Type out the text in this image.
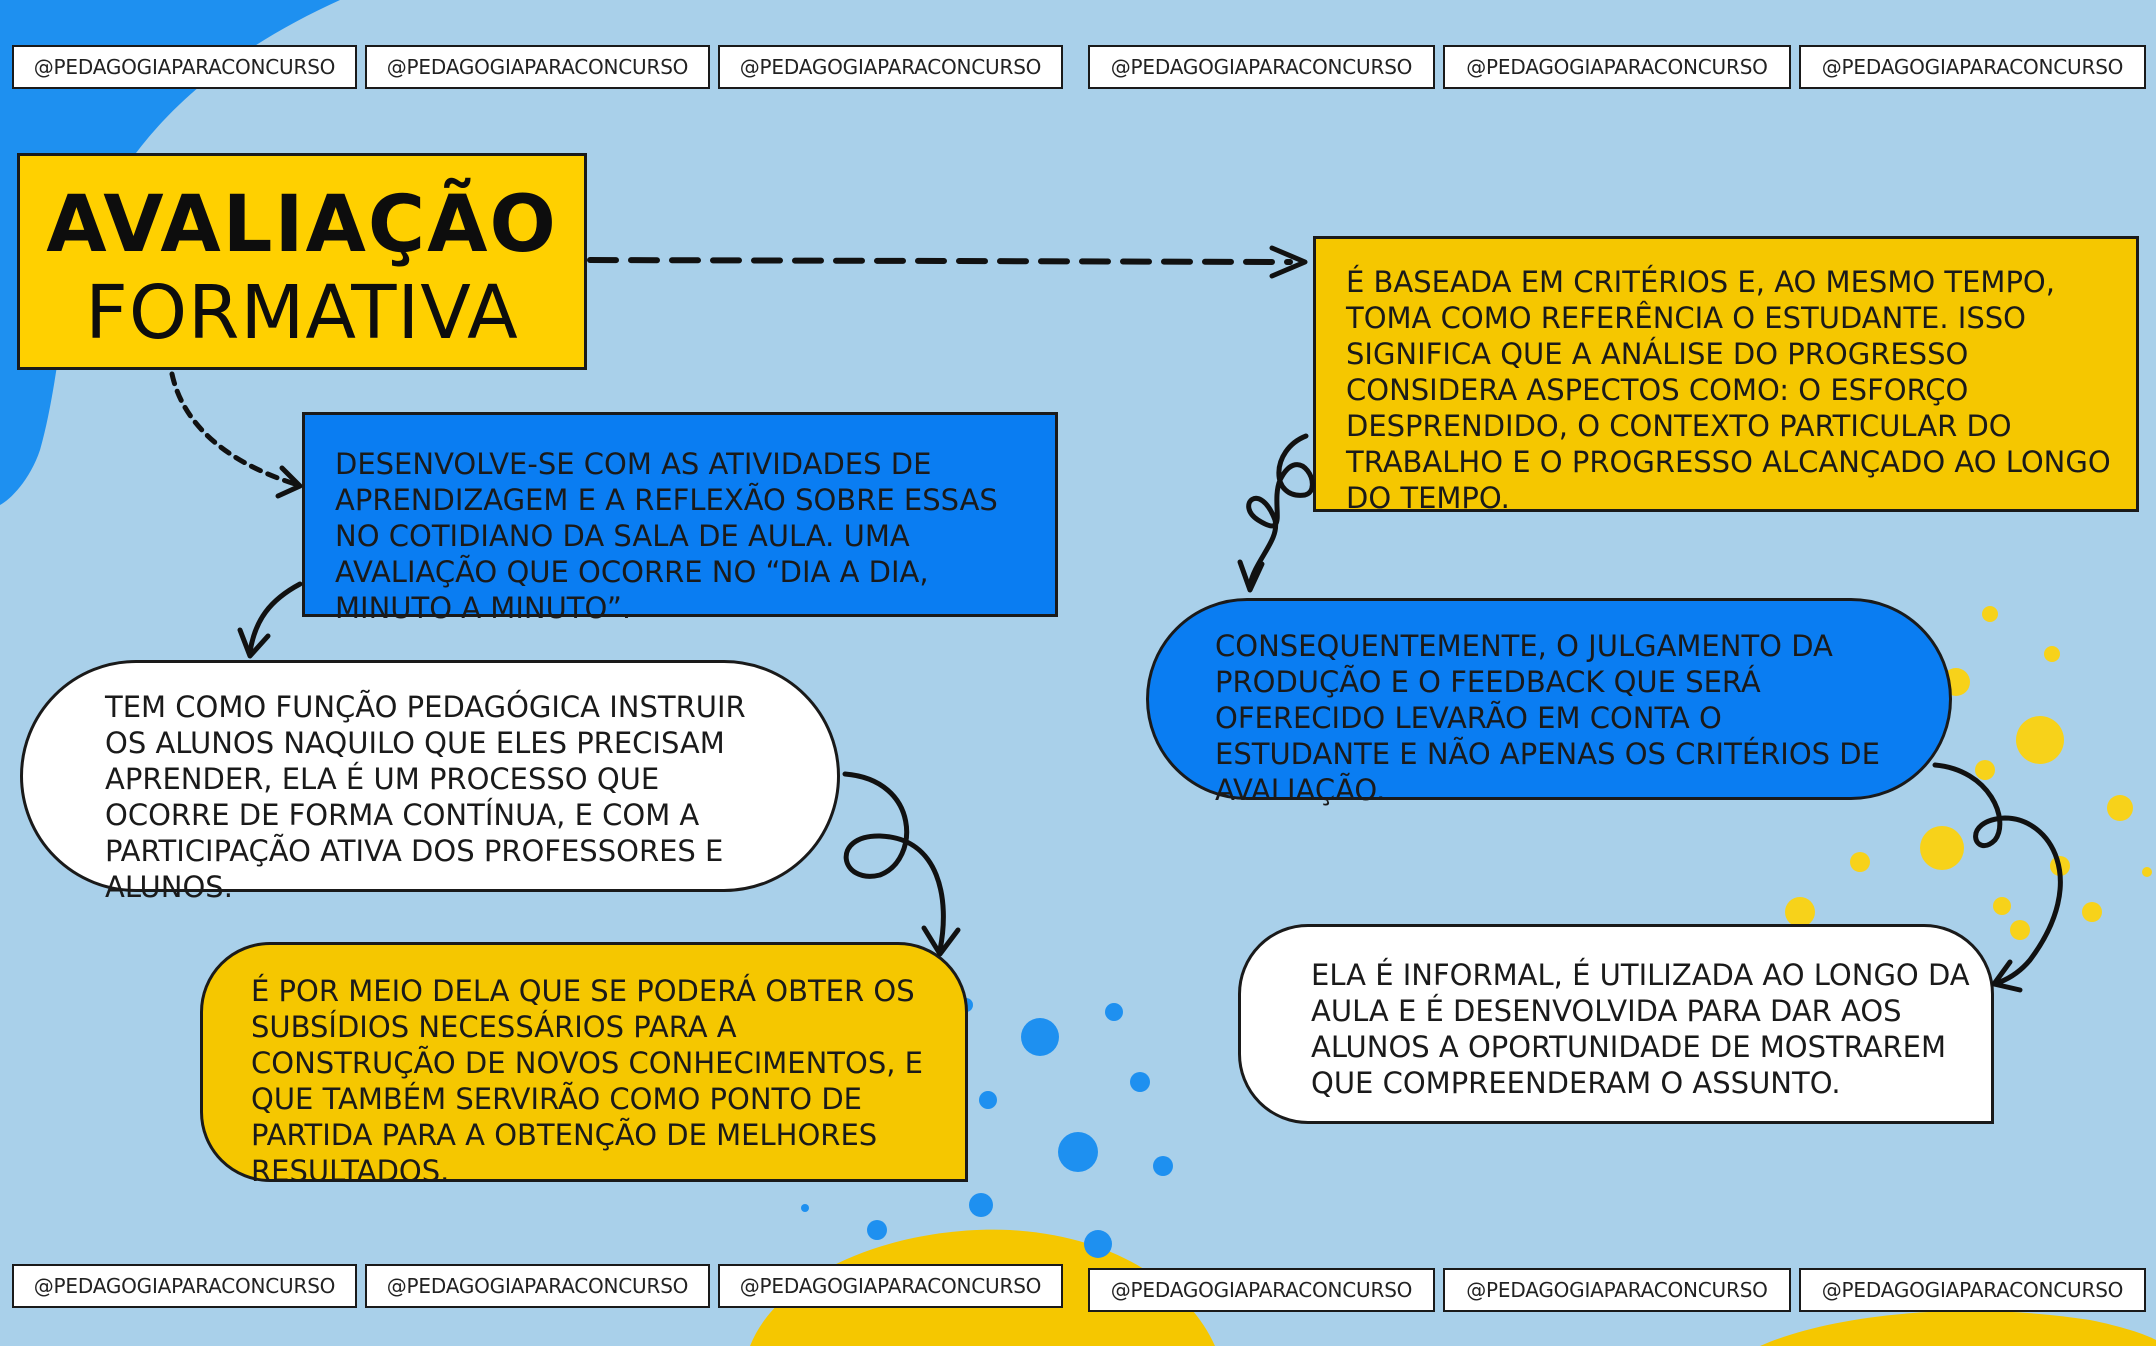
@PEDAGOGIAPARACONCURSO	@PEDAGOGIAPARACONCURSO	@PEDAGOGIAPARACONCURSO	@PEDAGOGIAPARACONCURSO	@PEDAGOGIAPARACONCURSO	@PEDAGOGIAPARACONCURSO
@PEDAGOGIAPARACONCURSO	@PEDAGOGIAPARACONCURSO	@PEDAGOGIAPARACONCURSO	@PEDAGOGIAPARACONCURSO	@PEDAGOGIAPARACONCURSO	@PEDAGOGIAPARACONCURSO
AVALIAÇÃO
FORMATIVA

DESENVOLVE-SE COM AS ATIVIDADES DE APRENDIZAGEM E A REFLEXÃO SOBRE ESSAS NO COTIDIANO DA SALA DE AULA. UMA AVALIAÇÃO QUE OCORRE NO “DIA A DIA, MINUTO A MINUTO”.

TEM COMO FUNÇÃO PEDAGÓGICA INSTRUIR OS ALUNOS NAQUILO QUE ELES PRECISAM APRENDER, ELA É UM PROCESSO QUE OCORRE DE FORMA CONTÍNUA, E COM A PARTICIPAÇÃO ATIVA DOS PROFESSORES E ALUNOS.

É POR MEIO DELA QUE SE PODERÁ OBTER OS SUBSÍDIOS NECESSÁRIOS PARA A CONSTRUÇÃO DE NOVOS CONHECIMENTOS, E QUE TAMBÉM SERVIRÃO COMO PONTO DE PARTIDA PARA A OBTENÇÃO DE MELHORES RESULTADOS.

É BASEADA EM CRITÉRIOS E, AO MESMO TEMPO, TOMA COMO REFERÊNCIA O ESTUDANTE. ISSO SIGNIFICA QUE A ANÁLISE DO PROGRESSO CONSIDERA ASPECTOS COMO: O ESFORÇO DESPRENDIDO, O CONTEXTO PARTICULAR DO TRABALHO E O PROGRESSO ALCANÇADO AO LONGO DO TEMPO.

CONSEQUENTEMENTE, O JULGAMENTO DA PRODUÇÃO E O FEEDBACK QUE SERÁ OFERECIDO LEVARÃO EM CONTA O ESTUDANTE E NÃO APENAS OS CRITÉRIOS DE AVALIAÇÃO.

ELA É INFORMAL, É UTILIZADA AO LONGO DA AULA E É DESENVOLVIDA PARA DAR AOS ALUNOS A OPORTUNIDADE DE MOSTRAREM QUE COMPREENDERAM O ASSUNTO.
